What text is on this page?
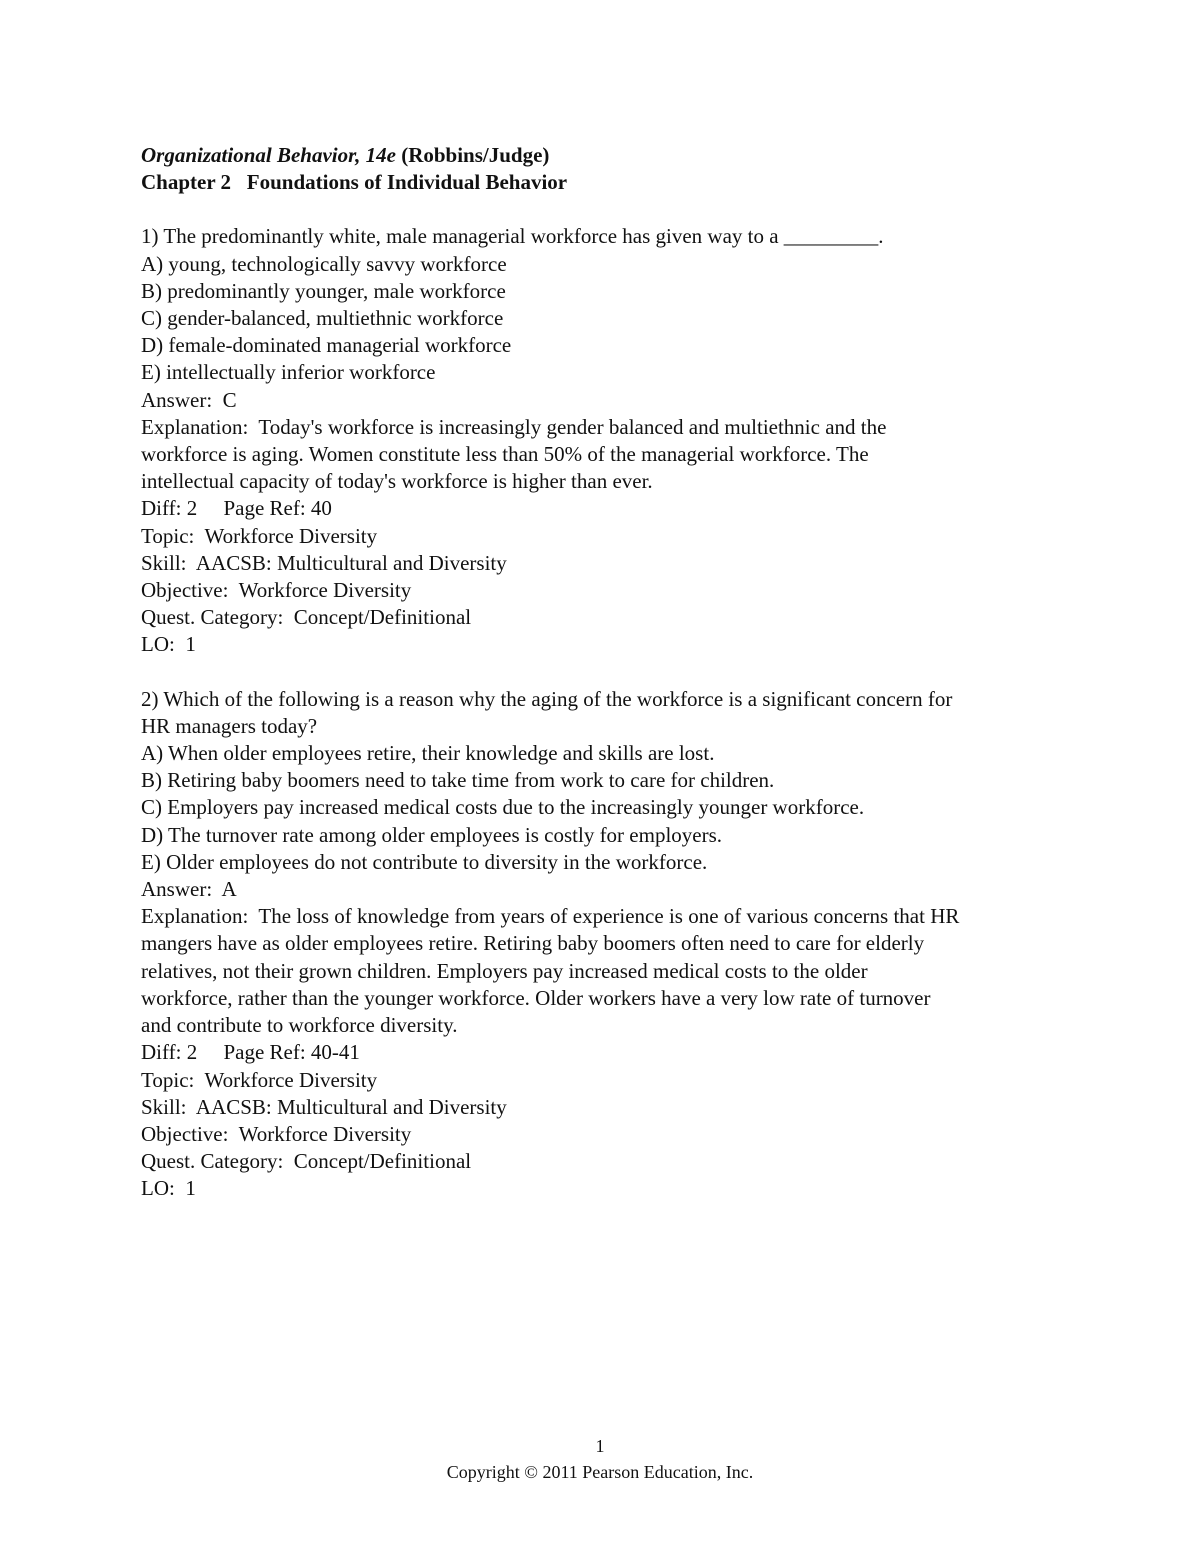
Organizational Behavior, 14e (Robbins/Judge)
Chapter 2   Foundations of Individual Behavior
1) The predominantly white, male managerial workforce has given way to a _________.
A) young, technologically savvy workforce
B) predominantly younger, male workforce
C) gender-balanced, multiethnic workforce
D) female-dominated managerial workforce
E) intellectually inferior workforce
Answer:  C
Explanation:  Today's workforce is increasingly gender balanced and multiethnic and the
workforce is aging. Women constitute less than 50% of the managerial workforce. The
intellectual capacity of today's workforce is higher than ever.
Diff: 2     Page Ref: 40
Topic:  Workforce Diversity
Skill:  AACSB: Multicultural and Diversity
Objective:  Workforce Diversity
Quest. Category:  Concept/Definitional
LO:  1
2) Which of the following is a reason why the aging of the workforce is a significant concern for
HR managers today?
A) When older employees retire, their knowledge and skills are lost.
B) Retiring baby boomers need to take time from work to care for children.
C) Employers pay increased medical costs due to the increasingly younger workforce.
D) The turnover rate among older employees is costly for employers.
E) Older employees do not contribute to diversity in the workforce.
Answer:  A
Explanation:  The loss of knowledge from years of experience is one of various concerns that HR
mangers have as older employees retire. Retiring baby boomers often need to care for elderly
relatives, not their grown children. Employers pay increased medical costs to the older
workforce, rather than the younger workforce. Older workers have a very low rate of turnover
and contribute to workforce diversity.
Diff: 2     Page Ref: 40-41
Topic:  Workforce Diversity
Skill:  AACSB: Multicultural and Diversity
Objective:  Workforce Diversity
Quest. Category:  Concept/Definitional
LO:  1
1
Copyright © 2011 Pearson Education, Inc.
